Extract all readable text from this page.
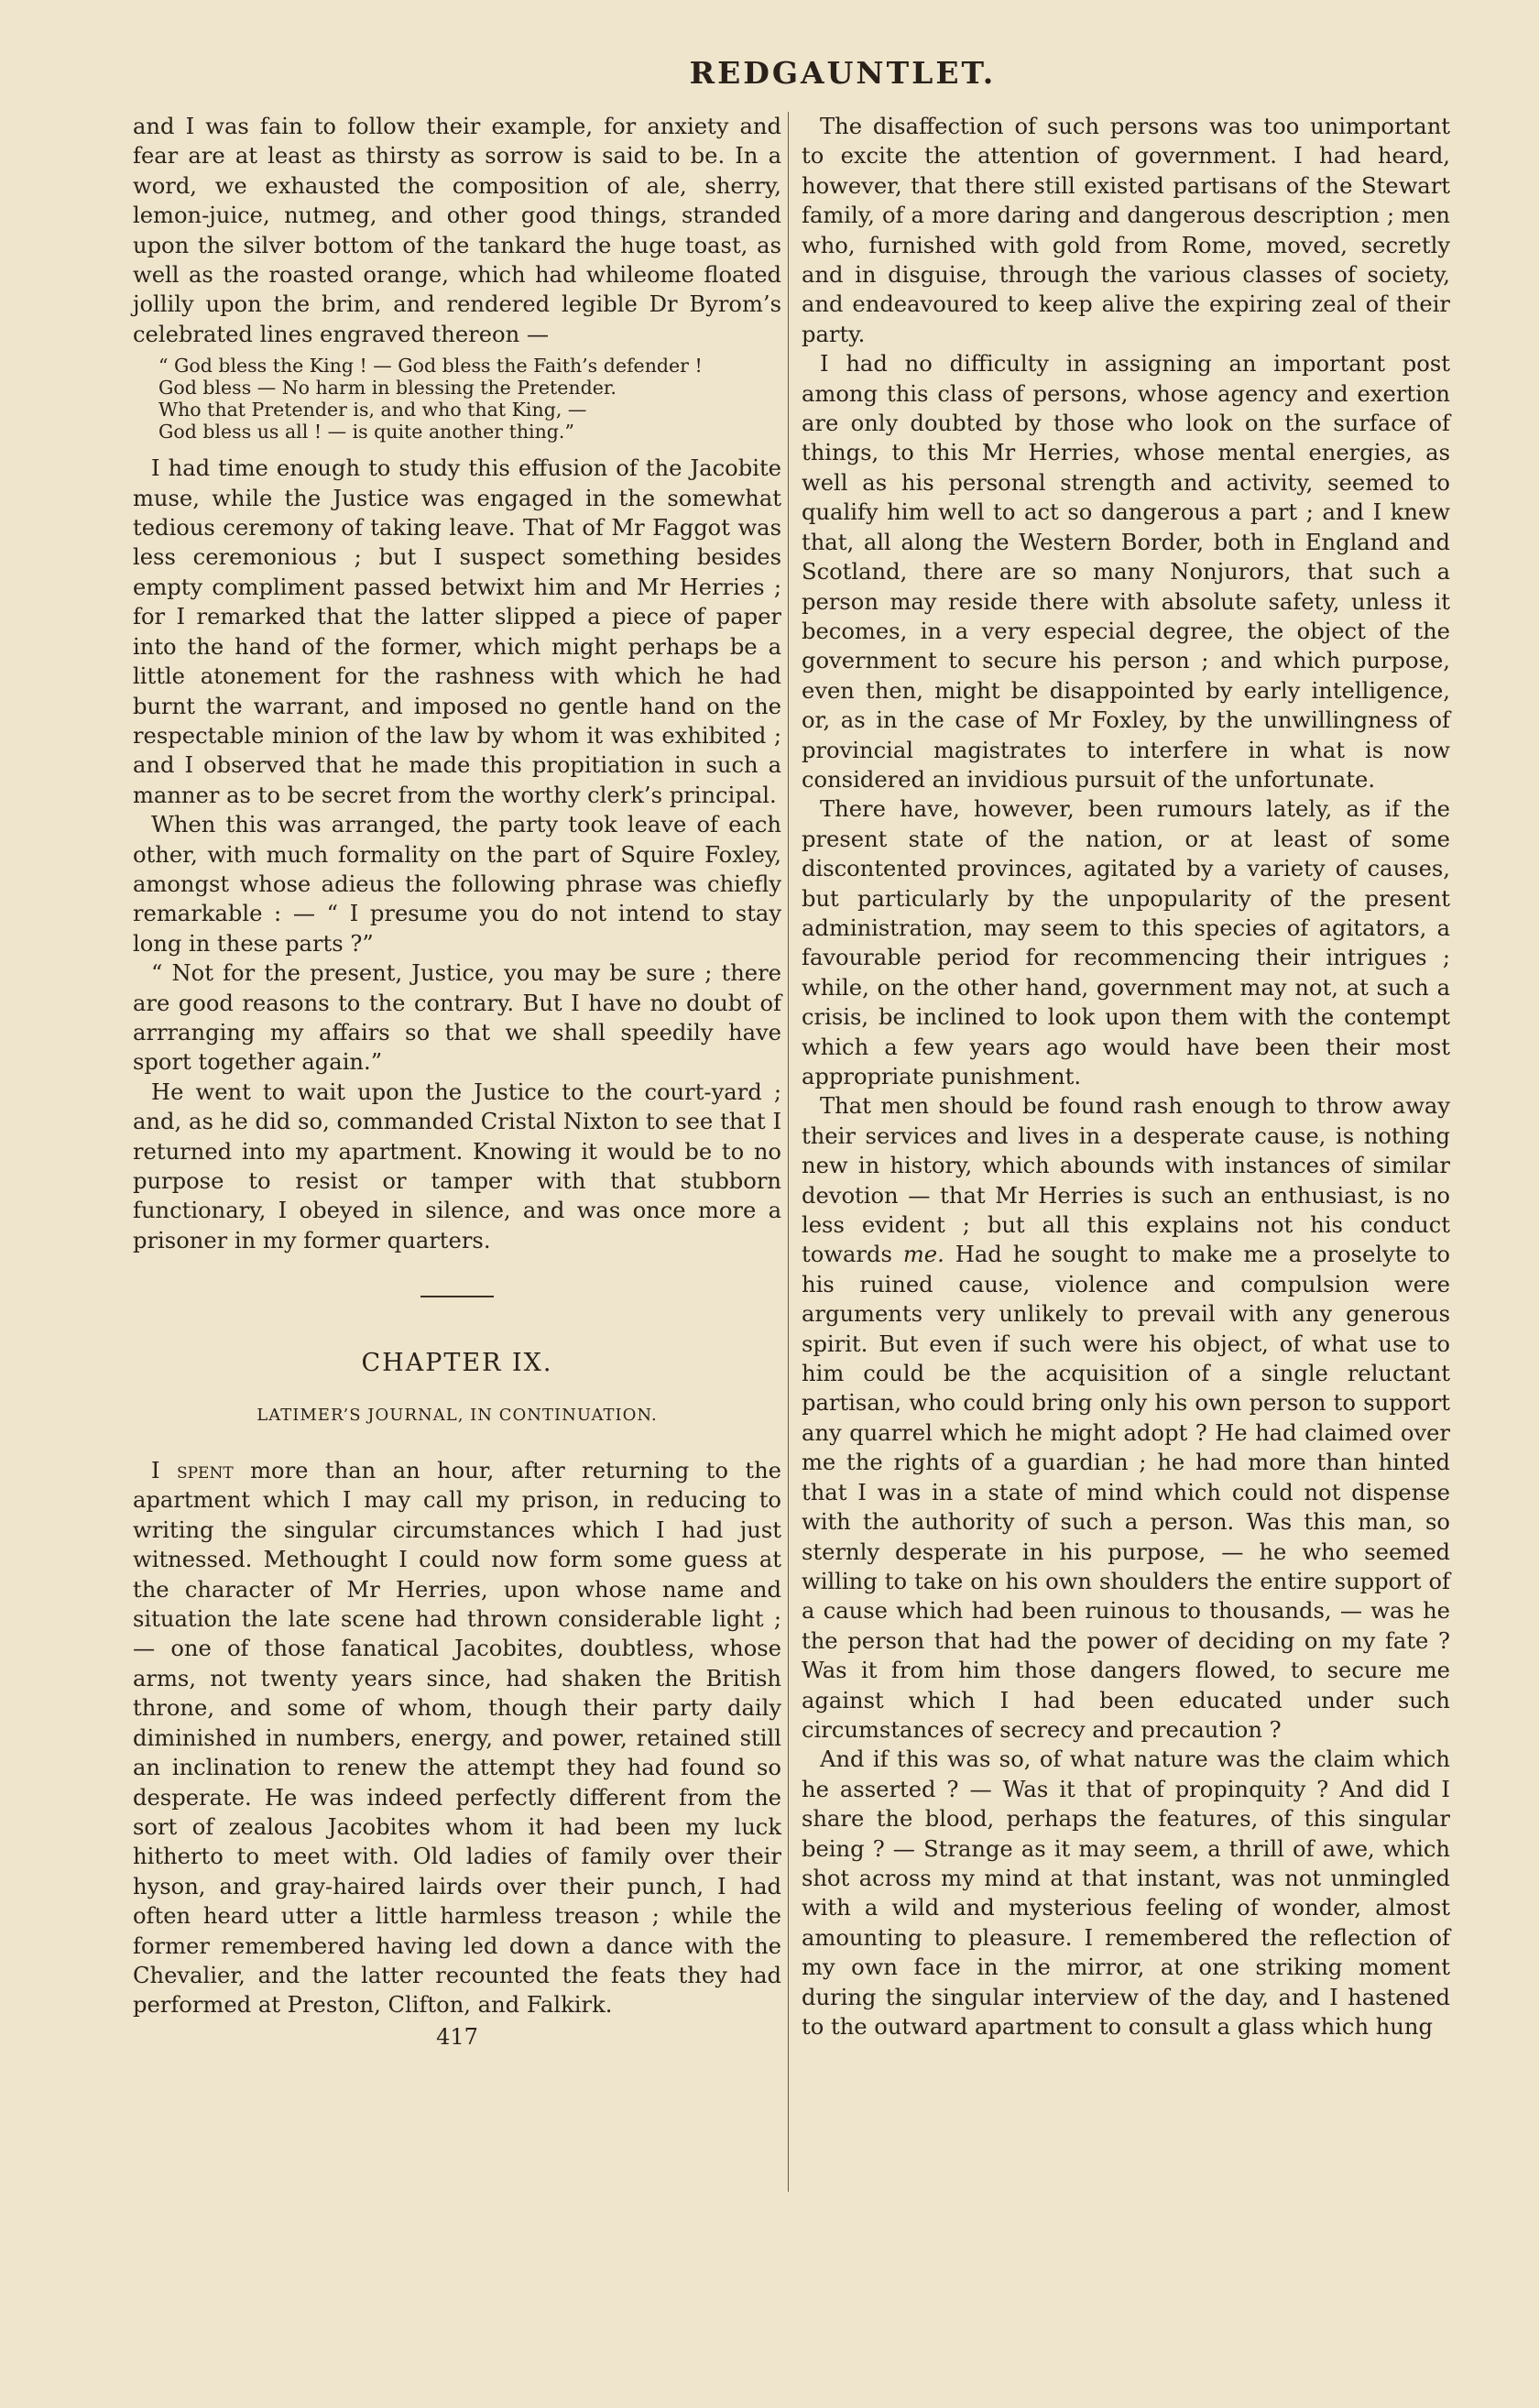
REDGAUNTLET.

and I was fain to follow their example, for anxiety and fear are at least as thirsty as sorrow is said to be. In a word, we exhausted the composition of ale, sherry, lemon-juice, nutmeg, and other good things, stranded upon the silver bottom of the tankard the huge toast, as well as the roasted orange, which had whileome floated jollily upon the brim, and rendered legible Dr Byrom’s celebrated lines engraved thereon —

“ God bless the King ! — God bless the Faith’s defender !
God bless — No harm in blessing the Pretender.
Who that Pretender is, and who that King, —
God bless us all ! — is quite another thing.”

I had time enough to study this effusion of the Jacobite muse, while the Justice was engaged in the somewhat tedious ceremony of taking leave. That of Mr Faggot was less ceremonious ; but I suspect something besides empty compliment passed betwixt him and Mr Herries ; for I remarked that the latter slipped a piece of paper into the hand of the former, which might perhaps be a little atonement for the rashness with which he had burnt the warrant, and imposed no gentle hand on the respectable minion of the law by whom it was exhibited ; and I observed that he made this propitiation in such a manner as to be secret from the worthy clerk’s principal.

When this was arranged, the party took leave of each other, with much formality on the part of Squire Foxley, amongst whose adieus the following phrase was chiefly remarkable : — “ I presume you do not intend to stay long in these parts ?”

“ Not for the present, Justice, you may be sure ; there are good reasons to the contrary. But I have no doubt of arrranging my affairs so that we shall speedily have sport together again.”

He went to wait upon the Justice to the court-yard ; and, as he did so, commanded Cristal Nixton to see that I returned into my apartment. Knowing it would be to no purpose to resist or tamper with that stubborn functionary, I obeyed in silence, and was once more a prisoner in my former quarters.

CHAPTER IX.
LATIMER’S JOURNAL, IN CONTINUATION.

I spent more than an hour, after returning to the apartment which I may call my prison, in reducing to writing the singular circumstances which I had just witnessed. Methought I could now form some guess at the character of Mr Herries, upon whose name and situation the late scene had thrown considerable light ; — one of those fanatical Jacobites, doubtless, whose arms, not twenty years since, had shaken the British throne, and some of whom, though their party daily diminished in numbers, energy, and power, retained still an inclination to renew the attempt they had found so desperate. He was indeed perfectly different from the sort of zealous Jacobites whom it had been my luck hitherto to meet with. Old ladies of family over their hyson, and gray-haired lairds over their punch, I had often heard utter a little harmless treason ; while the former remembered having led down a dance with the Chevalier, and the latter recounted the feats they had performed at Preston, Clifton, and Falkirk.

417

The disaffection of such persons was too unimportant to excite the attention of government. I had heard, however, that there still existed partisans of the Stewart family, of a more daring and dangerous description ; men who, furnished with gold from Rome, moved, secretly and in disguise, through the various classes of society, and endeavoured to keep alive the expiring zeal of their party.

I had no difficulty in assigning an important post among this class of persons, whose agency and exertion are only doubted by those who look on the surface of things, to this Mr Herries, whose mental energies, as well as his personal strength and activity, seemed to qualify him well to act so dangerous a part ; and I knew that, all along the Western Border, both in England and Scotland, there are so many Nonjurors, that such a person may reside there with absolute safety, unless it becomes, in a very especial degree, the object of the government to secure his person ; and which purpose, even then, might be disappointed by early intelligence, or, as in the case of Mr Foxley, by the unwillingness of provincial magistrates to interfere in what is now considered an invidious pursuit of the unfortunate.

There have, however, been rumours lately, as if the present state of the nation, or at least of some discontented provinces, agitated by a variety of causes, but particularly by the unpopularity of the present administration, may seem to this species of agitators, a favourable period for recommencing their intrigues ; while, on the other hand, government may not, at such a crisis, be inclined to look upon them with the contempt which a few years ago would have been their most appropriate punishment.

That men should be found rash enough to throw away their services and lives in a desperate cause, is nothing new in history, which abounds with instances of similar devotion — that Mr Herries is such an enthusiast, is no less evident ; but all this explains not his conduct towards me. Had he sought to make me a proselyte to his ruined cause, violence and compulsion were arguments very unlikely to prevail with any generous spirit. But even if such were his object, of what use to him could be the acquisition of a single reluctant partisan, who could bring only his own person to support any quarrel which he might adopt ? He had claimed over me the rights of a guardian ; he had more than hinted that I was in a state of mind which could not dispense with the authority of such a person. Was this man, so sternly desperate in his purpose, — he who seemed willing to take on his own shoulders the entire support of a cause which had been ruinous to thousands, — was he the person that had the power of deciding on my fate ? Was it from him those dangers flowed, to secure me against which I had been educated under such circumstances of secrecy and precaution ?

And if this was so, of what nature was the claim which he asserted ? — Was it that of propinquity ? And did I share the blood, perhaps the features, of this singular being ? — Strange as it may seem, a thrill of awe, which shot across my mind at that instant, was not unmingled with a wild and mysterious feeling of wonder, almost amounting to pleasure. I remembered the reflection of my own face in the mirror, at one striking moment during the singular interview of the day, and I hastened to the outward apartment to consult a glass which hung
